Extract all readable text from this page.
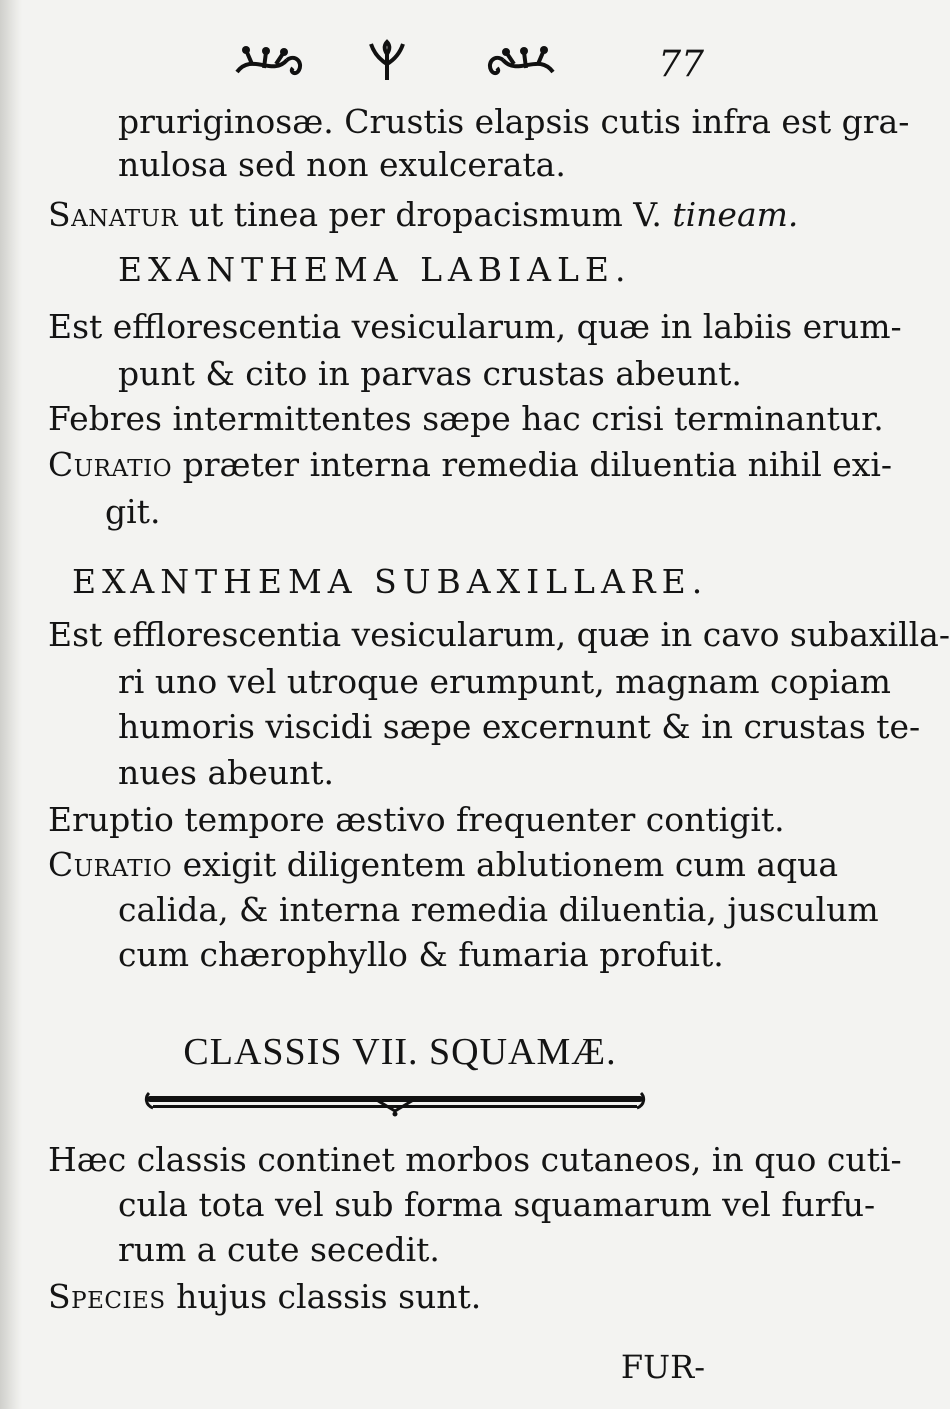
77
pruriginosæ. Crustis elapsis cutis infra est gra-
nulosa sed non exulcerata.
Sanatur ut tinea per dropacismum V. tineam.
EXANTHEMA LABIALE.
Est efflorescentia vesicularum, quæ in labiis erum-
punt & cito in parvas crustas abeunt.
Febres intermittentes sæpe hac crisi terminantur.
Curatio præter interna remedia diluentia nihil exi-
git.
EXANTHEMA SUBAXILLARE.
Est efflorescentia vesicularum, quæ in cavo subaxilla-
ri uno vel utroque erumpunt, magnam copiam
humoris viscidi sæpe excernunt & in crustas te-
nues abeunt.
Eruptio tempore æstivo frequenter contigit.
Curatio exigit diligentem ablutionem cum aqua
calida, & interna remedia diluentia, jusculum
cum chærophyllo & fumaria profuit.
CLASSIS VII. SQUAMÆ.
Hæc classis continet morbos cutaneos, in quo cuti-
cula tota vel sub forma squamarum vel furfu-
rum a cute secedit.
Species hujus classis sunt.
FUR-
